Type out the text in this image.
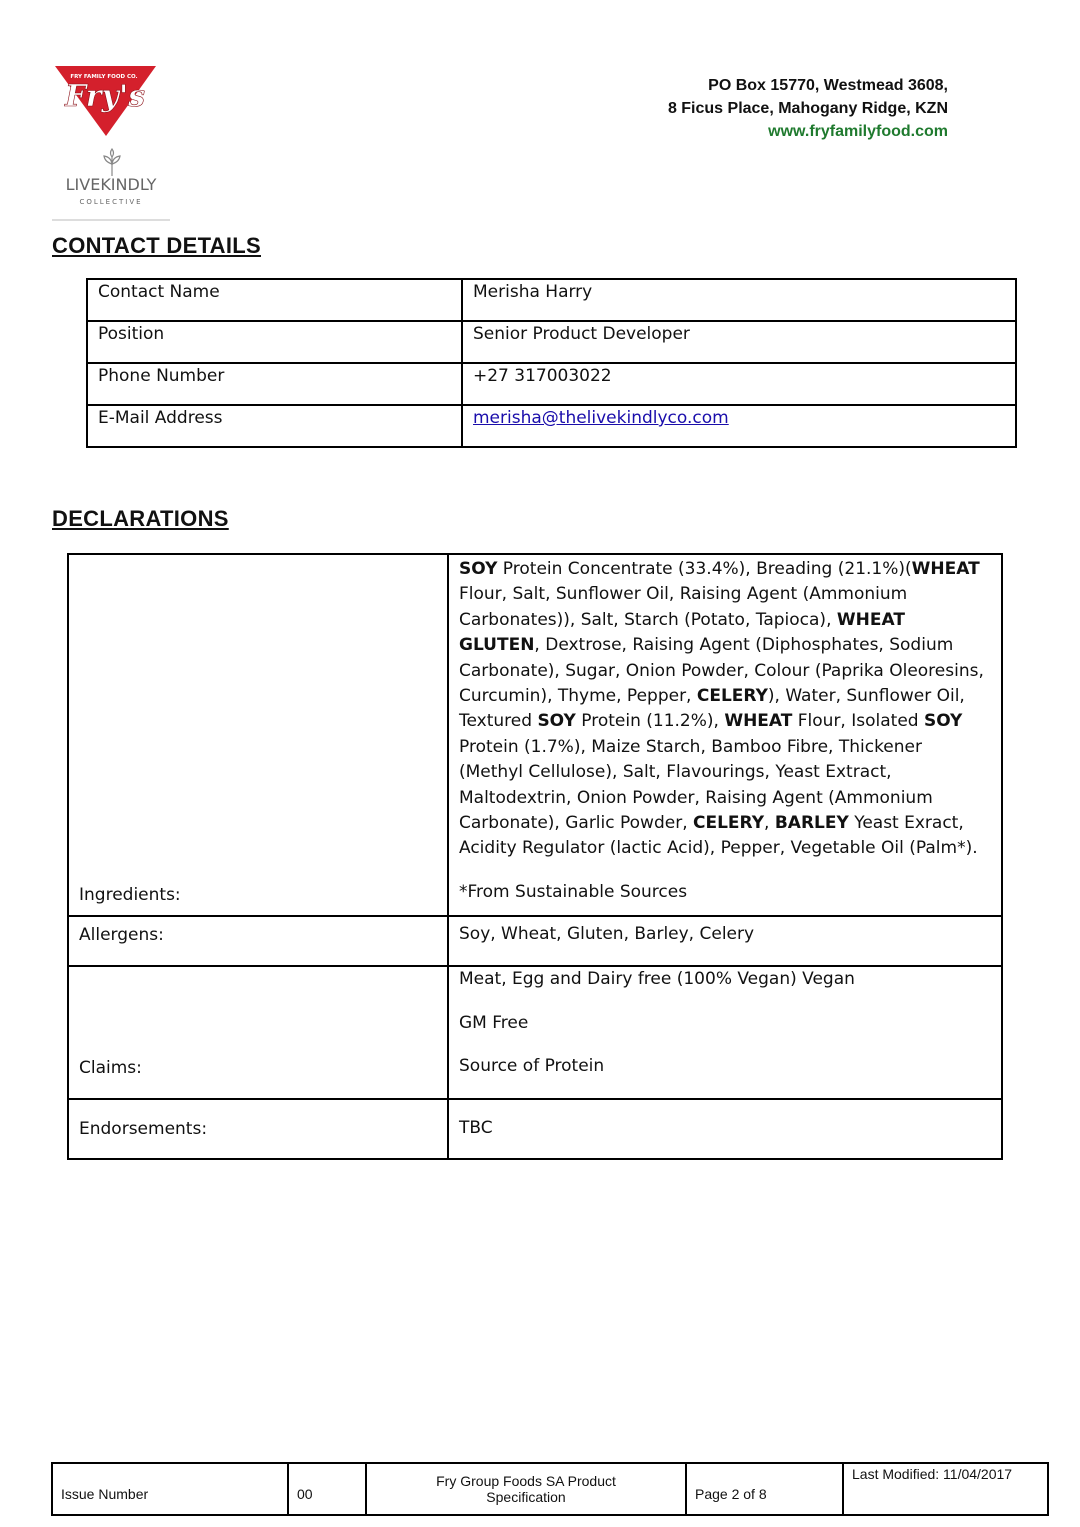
FRY FAMILY FOOD CO.
Fry's
LIVEKINDLY
COLLECTIVE
PO Box 15770, Westmead 3608,
8 Ficus Place, Mahogany Ridge, KZN
www.fryfamilyfood.com
CONTACT DETAILS
Contact Name	Merisha Harry

Position	Senior Product Developer

Phone Number	+27 317003022

E-Mail Address	merisha@thelivekindlyco.com
DECLARATIONS
Ingredients:	SOY Protein Concentrate (33.4%), Breading (21.1%)(WHEAT Flour, Salt, Sunflower Oil, Raising Agent (Ammonium Carbonates)), Salt, Starch (Potato, Tapioca), WHEAT GLUTEN, Dextrose, Raising Agent (Diphosphates, Sodium Carbonate), Sugar, Onion Powder, Colour (Paprika Oleoresins, Curcumin), Thyme, Pepper, CELERY), Water, Sunflower Oil, Textured SOY Protein (11.2%), WHEAT Flour, Isolated SOY Protein (1.7%), Maize Starch, Bamboo Fibre, Thickener (Methyl Cellulose), Salt, Flavourings, Yeast Extract, Maltodextrin, Onion Powder, Raising Agent (Ammonium Carbonate), Garlic Powder, CELERY, BARLEY Yeast Exract, Acidity Regulator (lactic Acid), Pepper, Vegetable Oil (Palm*).

*From Sustainable Sources

Allergens:	Soy, Wheat, Gluten, Barley, Celery

Claims:	Meat, Egg and Dairy free (100% Vegan) Vegan

GM Free

Source of Protein

Endorsements:	TBC
Issue Number	00	Fry Group Foods SA Product Specification	Page 2 of 8	Last Modified: 11/04/2017
